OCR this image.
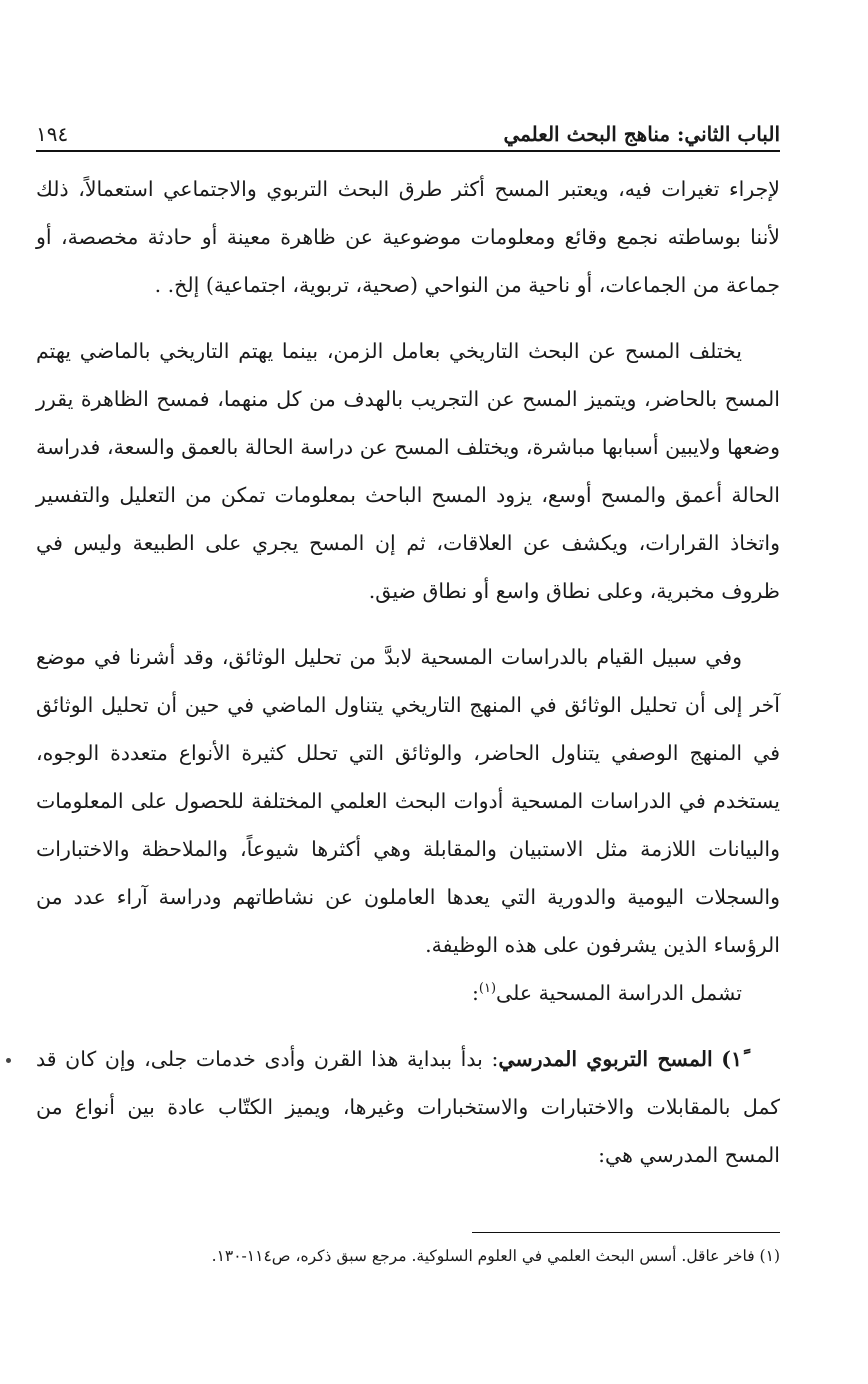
الباب الثاني: مناهج البحث العلمي
١٩٤

لإجراء تغيرات فيه، ويعتبر المسح أكثر طرق البحث التربوي والاجتماعي استعمالاً، ذلك لأننا بوساطته نجمع وقائع ومعلومات موضوعية عن ظاهرة معينة أو حادثة مخصصة، أو جماعة من الجماعات، أو ناحية من النواحي (صحية، تربوية، اجتماعية) إلخ. .

يختلف المسح عن البحث التاريخي بعامل الزمن، بينما يهتم التاريخي بالماضي يهتم المسح بالحاضر، ويتميز المسح عن التجريب بالهدف من كل منهما، فمسح الظاهرة يقرر وضعها ولايبين أسبابها مباشرة، ويختلف المسح عن دراسة الحالة بالعمق والسعة، فدراسة الحالة أعمق والمسح أوسع، يزود المسح الباحث بمعلومات تمكن من التعليل والتفسير واتخاذ القرارات، ويكشف عن العلاقات، ثم إن المسح يجري على الطبيعة وليس في ظروف مخبرية، وعلى نطاق واسع أو نطاق ضيق.

وفي سبيل القيام بالدراسات المسحية لابدَّ من تحليل الوثائق، وقد أشرنا في موضع آخر إلى أن تحليل الوثائق في المنهج التاريخي يتناول الماضي في حين أن تحليل الوثائق في المنهج الوصفي يتناول الحاضر، والوثائق التي تحلل كثيرة الأنواع متعددة الوجوه، يستخدم في الدراسات المسحية أدوات البحث العلمي المختلفة للحصول على المعلومات والبيانات اللازمة مثل الاستبيان والمقابلة وهي أكثرها شيوعاً، والملاحظة والاختبارات والسجلات اليومية والدورية التي يعدها العاملون عن نشاطاتهم ودراسة آراء عدد من الرؤساء الذين يشرفون على هذه الوظيفة.

تشمل الدراسة المسحية على$^{(١)}$:

١ً) المسح التربوي المدرسي: بدأ ببداية هذا القرن وأدى خدمات جلى، وإن كان قد كمل بالمقابلات والاختبارات والاستخبارات وغيرها، ويميز الكتّاب عادة بين أنواع من المسح المدرسي هي:

(١) فاخر عاقل. أسس البحث العلمي في العلوم السلوكية. مرجع سبق ذكره، ص١١٤-١٣٠.
